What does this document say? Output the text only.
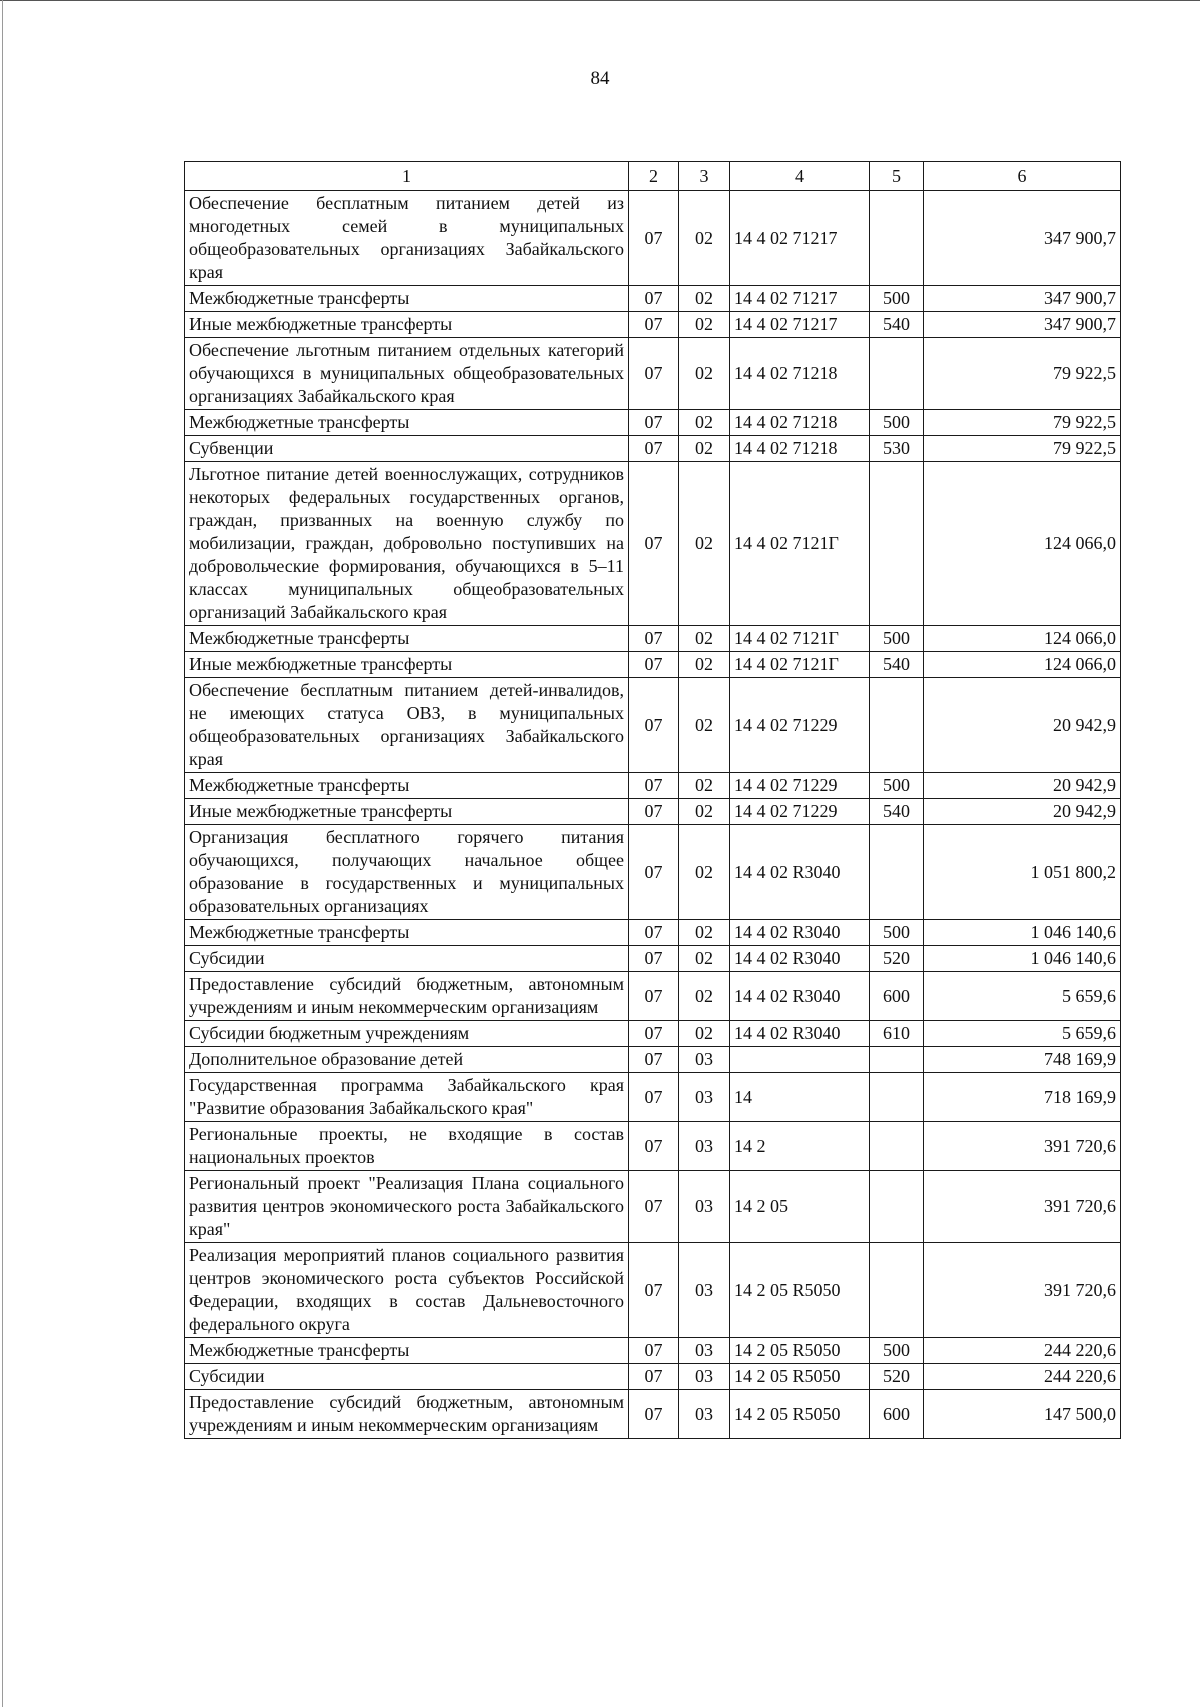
84
1	2	3	4	5	6
Обеспечение бесплатным питанием детей из многодетных семей в муниципальных общеобразовательных организациях Забайкальского края	07	02	14 4 02 71217		347 900,7
Межбюджетные трансферты	07	02	14 4 02 71217	500	347 900,7
Иные межбюджетные трансферты	07	02	14 4 02 71217	540	347 900,7
Обеспечение льготным питанием отдельных категорий обучающихся в муниципальных общеобразовательных организациях Забайкальского края	07	02	14 4 02 71218		79 922,5
Межбюджетные трансферты	07	02	14 4 02 71218	500	79 922,5
Субвенции	07	02	14 4 02 71218	530	79 922,5
Льготное питание детей военнослужащих, сотрудников некоторых федеральных государственных органов, граждан, призванных на военную службу по мобилизации, граждан, добровольно поступивших на добровольческие формирования, обучающихся в 5–11 классах муниципальных общеобразовательных организаций Забайкальского края	07	02	14 4 02 7121Г		124 066,0
Межбюджетные трансферты	07	02	14 4 02 7121Г	500	124 066,0
Иные межбюджетные трансферты	07	02	14 4 02 7121Г	540	124 066,0
Обеспечение бесплатным питанием детей-инвалидов, не имеющих статуса ОВЗ, в муниципальных общеобразовательных организациях Забайкальского края	07	02	14 4 02 71229		20 942,9
Межбюджетные трансферты	07	02	14 4 02 71229	500	20 942,9
Иные межбюджетные трансферты	07	02	14 4 02 71229	540	20 942,9
Организация бесплатного горячего питания обучающихся, получающих начальное общее образование в государственных и муниципальных образовательных организациях	07	02	14 4 02 R3040		1 051 800,2
Межбюджетные трансферты	07	02	14 4 02 R3040	500	1 046 140,6
Субсидии	07	02	14 4 02 R3040	520	1 046 140,6
Предоставление субсидий бюджетным, автономным учреждениям и иным некоммерческим организациям	07	02	14 4 02 R3040	600	5 659,6
Субсидии бюджетным учреждениям	07	02	14 4 02 R3040	610	5 659,6
Дополнительное образование детей	07	03			748 169,9
Государственная программа Забайкальского края "Развитие образования Забайкальского края"	07	03	14		718 169,9
Региональные проекты, не входящие в состав национальных проектов	07	03	14 2		391 720,6
Региональный проект "Реализация Плана социального развития центров экономического роста Забайкальского края"	07	03	14 2 05		391 720,6
Реализация мероприятий планов социального развития центров экономического роста субъектов Российской Федерации, входящих в состав Дальневосточного федерального округа	07	03	14 2 05 R5050		391 720,6
Межбюджетные трансферты	07	03	14 2 05 R5050	500	244 220,6
Субсидии	07	03	14 2 05 R5050	520	244 220,6
Предоставление субсидий бюджетным, автономным учреждениям и иным некоммерческим организациям	07	03	14 2 05 R5050	600	147 500,0
